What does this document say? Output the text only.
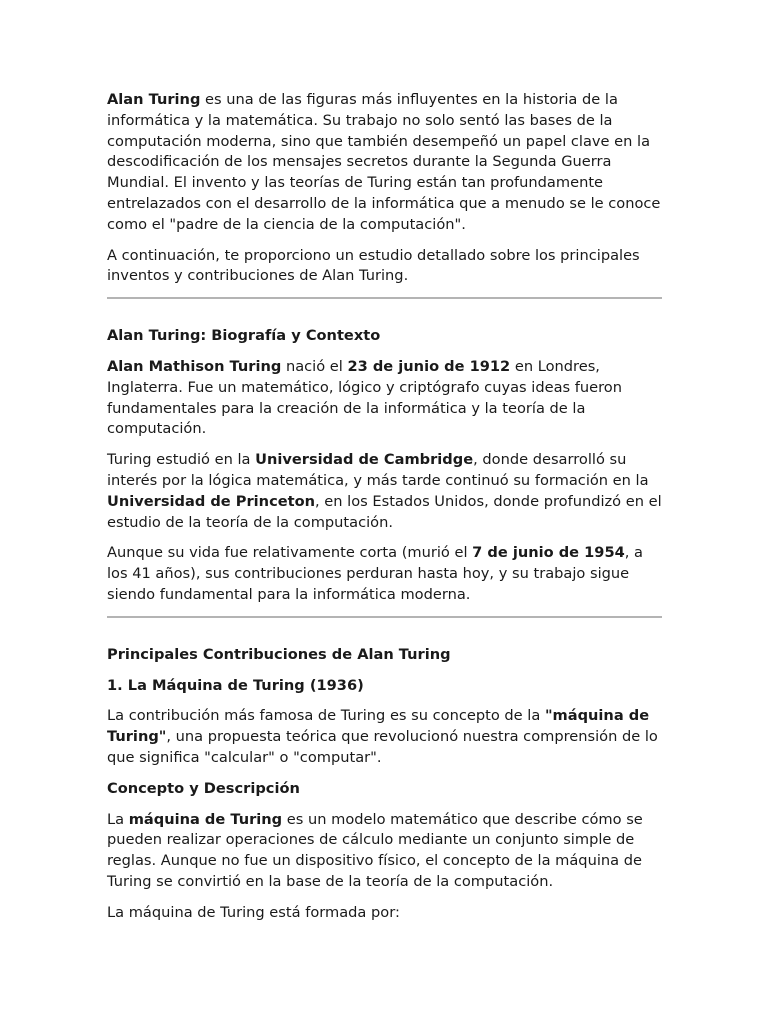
Alan Turing es una de las figuras más influyentes en la historia de la informática y la matemática. Su trabajo no solo sentó las bases de la computación moderna, sino que también desempeñó un papel clave en la descodificación de los mensajes secretos durante la Segunda Guerra Mundial. El invento y las teorías de Turing están tan profundamente entrelazados con el desarrollo de la informática que a menudo se le conoce como el "padre de la ciencia de la computación".

A continuación, te proporciono un estudio detallado sobre los principales inventos y contribuciones de Alan Turing.

Alan Turing: Biografía y Contexto

Alan Mathison Turing nació el 23 de junio de 1912 en Londres, Inglaterra. Fue un matemático, lógico y criptógrafo cuyas ideas fueron fundamentales para la creación de la informática y la teoría de la computación.

Turing estudió en la Universidad de Cambridge, donde desarrolló su interés por la lógica matemática, y más tarde continuó su formación en la Universidad de Princeton, en los Estados Unidos, donde profundizó en el estudio de la teoría de la computación.

Aunque su vida fue relativamente corta (murió el 7 de junio de 1954, a los 41 años), sus contribuciones perduran hasta hoy, y su trabajo sigue siendo fundamental para la informática moderna.

Principales Contribuciones de Alan Turing
1. La Máquina de Turing (1936)

La contribución más famosa de Turing es su concepto de la "máquina de Turing", una propuesta teórica que revolucionó nuestra comprensión de lo que significa "calcular" o "computar".

Concepto y Descripción

La máquina de Turing es un modelo matemático que describe cómo se pueden realizar operaciones de cálculo mediante un conjunto simple de reglas. Aunque no fue un dispositivo físico, el concepto de la máquina de Turing se convirtió en la base de la teoría de la computación.

La máquina de Turing está formada por:
